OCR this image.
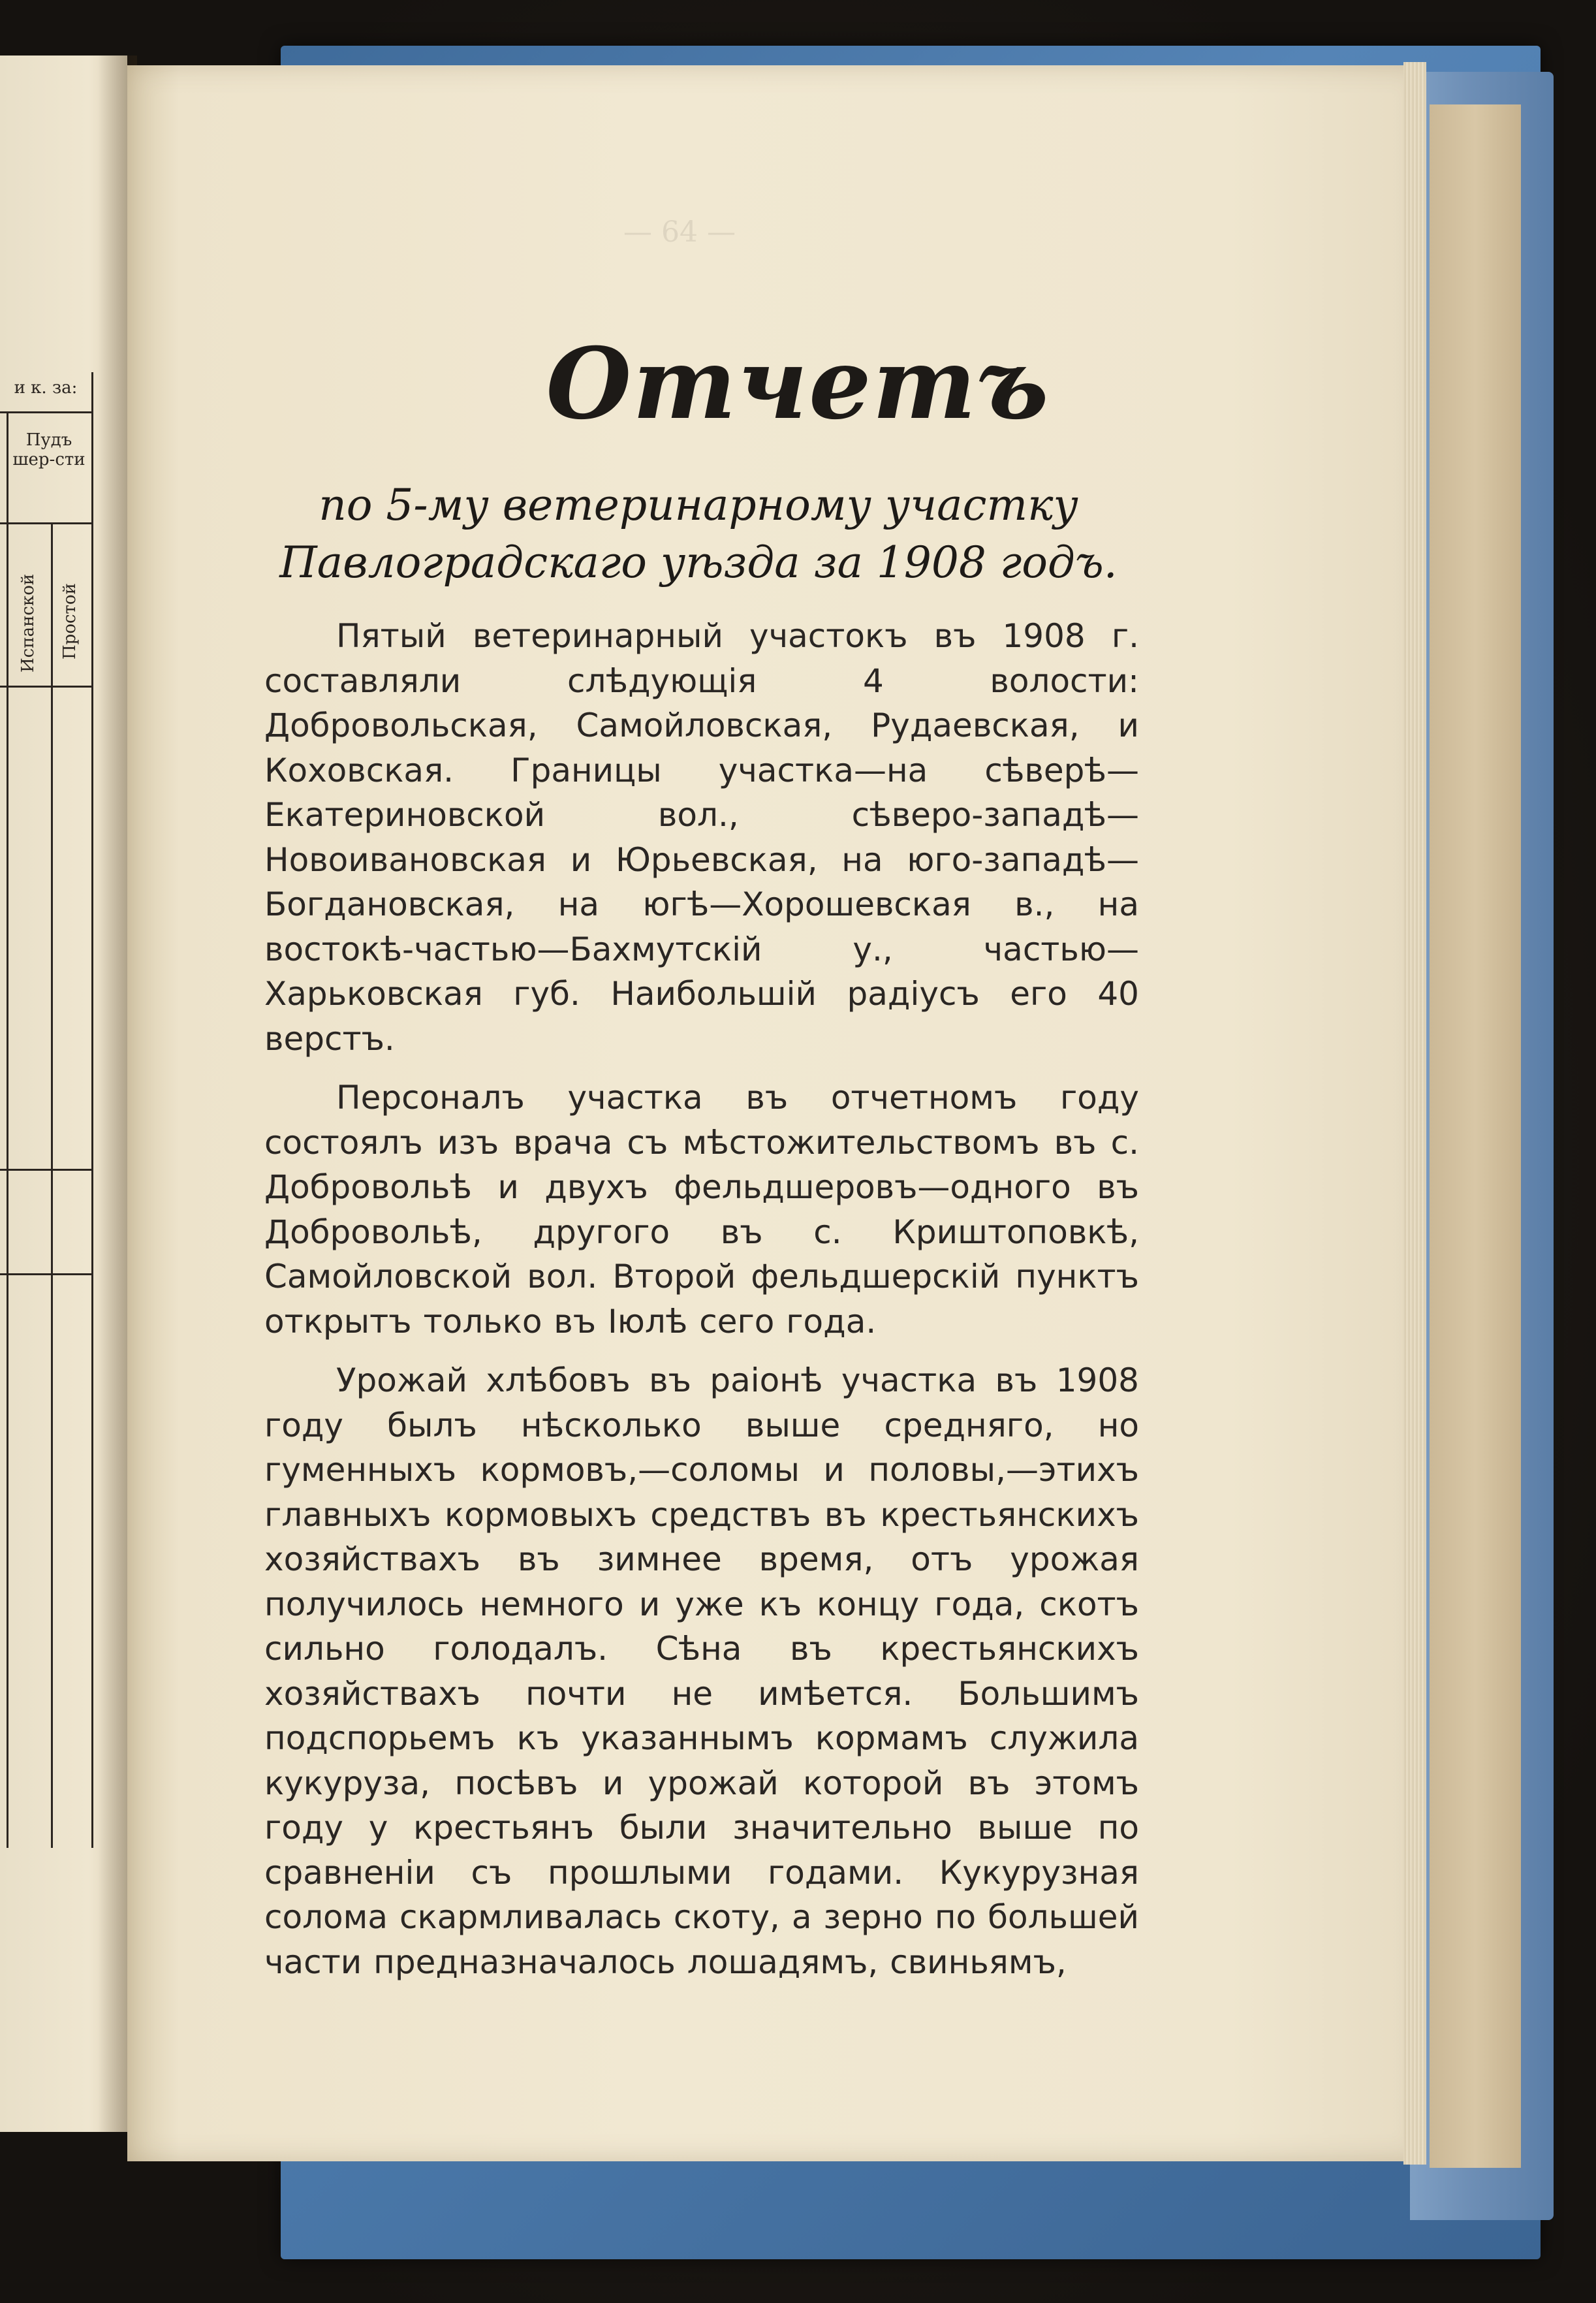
и к. за:
Пудъ шер-сти
Испанской Простой
— 64 —
Отчетъ
по 5-му ветеринарному участку Павлоградскаго уѣзда за 1908 годъ.

Пятый ветеринарный участокъ въ 1908 г. составляли слѣдующія 4 волости: Добровольская, Самойловская, Рудаевская, и Коховская. Границы участка—на сѣверѣ—Екатериновской вол., сѣверо-западѣ—Новоивановская и Юрьевская, на юго-западѣ—Богдановская, на югѣ—Хорошевская в., на востокѣ-частью—Бахмутскій у., частью—Харьковская губ. Наибольшій радіусъ его 40 верстъ.

Персоналъ участка въ отчетномъ году состоялъ изъ врача съ мѣстожительствомъ въ с. Добровольѣ и двухъ фельдшеровъ—одного въ Добровольѣ, другого въ с. Криштоповкѣ, Самойловской вол. Второй фельдшерскій пунктъ открытъ только въ Іюлѣ сего года.

Урожай хлѣбовъ въ раіонѣ участка въ 1908 году былъ нѣсколько выше средняго, но гуменныхъ кормовъ,—соломы и половы,—этихъ главныхъ кормовыхъ средствъ въ крестьянскихъ хозяйствахъ въ зимнее время, отъ урожая получилось немного и уже къ концу года, скотъ сильно голодалъ. Сѣна въ крестьянскихъ хозяйствахъ почти не имѣется. Большимъ подспорьемъ къ указаннымъ кормамъ служила кукуруза, посѣвъ и урожай которой въ этомъ году у крестьянъ были значительно выше по сравненіи съ прошлыми годами. Кукурузная солома скармливалась скоту, а зерно по большей части предназначалось лошадямъ, свиньямъ,
